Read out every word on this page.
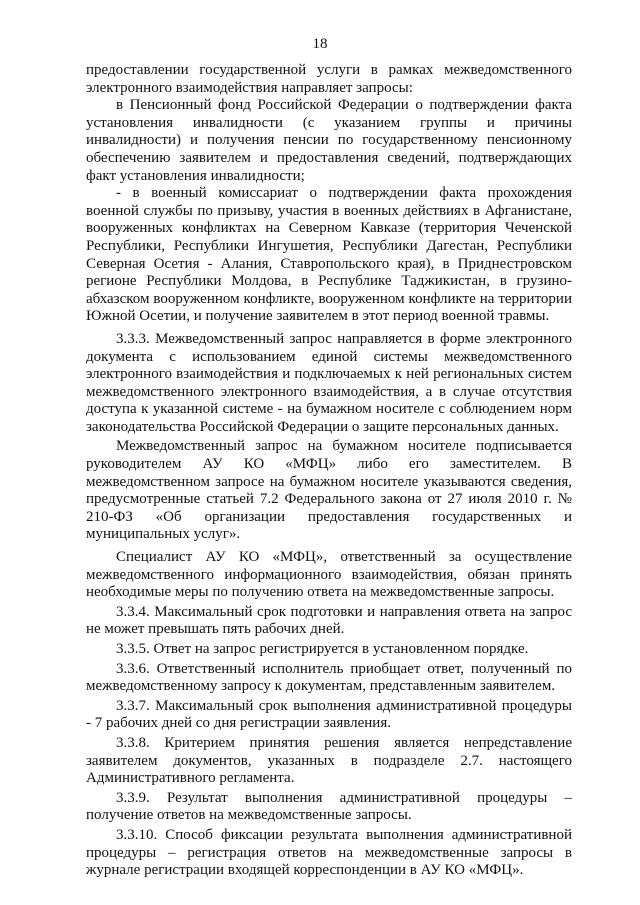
18

предоставлении государственной услуги в рамках межведомственного электронного взаимодействия направляет запросы:

в Пенсионный фонд Российской Федерации о подтверждении факта установления инвалидности (с указанием группы и причины инвалидности) и получения пенсии по государственному пенсионному обеспечению заявителем и предоставления сведений, подтверждающих факт установления инвалидности;

- в военный комиссариат о подтверждении факта прохождения военной службы по призыву, участия в военных действиях в Афганистане, вооруженных конфликтах на Северном Кавказе (территория Чеченской Республики, Республики Ингушетия, Республики Дагестан, Республики Северная Осетия - Алания, Ставропольского края), в Приднестровском регионе Республики Молдова, в Республике Таджикистан, в грузино-абхазском вооруженном конфликте, вооруженном конфликте на территории Южной Осетии, и получение заявителем в этот период военной травмы.

3.3.3. Межведомственный запрос направляется в форме электронного документа с использованием единой системы межведомственного электронного взаимодействия и подключаемых к ней региональных систем межведомственного электронного взаимодействия, а в случае отсутствия доступа к указанной системе - на бумажном носителе с соблюдением норм законодательства Российской Федерации о защите персональных данных.

Межведомственный запрос на бумажном носителе подписывается руководителем АУ КО «МФЦ» либо его заместителем. В межведомственном запросе на бумажном носителе указываются сведения, предусмотренные статьей 7.2 Федерального закона от 27 июля 2010 г. № 210-ФЗ «Об организации предоставления государственных и муниципальных услуг».

Специалист АУ КО «МФЦ», ответственный за осуществление межведомственного информационного взаимодействия, обязан принять необходимые меры по получению ответа на межведомственные запросы.

3.3.4. Максимальный срок подготовки и направления ответа на запрос не может превышать пять рабочих дней.

3.3.5. Ответ на запрос регистрируется в установленном порядке.

3.3.6. Ответственный исполнитель приобщает ответ, полученный по межведомственному запросу к документам, представленным заявителем.

3.3.7. Максимальный срок выполнения административной процедуры - 7 рабочих дней со дня регистрации заявления.

3.3.8. Критерием принятия решения является непредставление заявителем документов, указанных в подразделе 2.7. настоящего Административного регламента.

3.3.9. Результат выполнения административной процедуры – получение ответов на межведомственные запросы.

3.3.10. Способ фиксации результата выполнения административной процедуры – регистрация ответов на межведомственные запросы в журнале регистрации входящей корреспонденции в АУ КО «МФЦ».
